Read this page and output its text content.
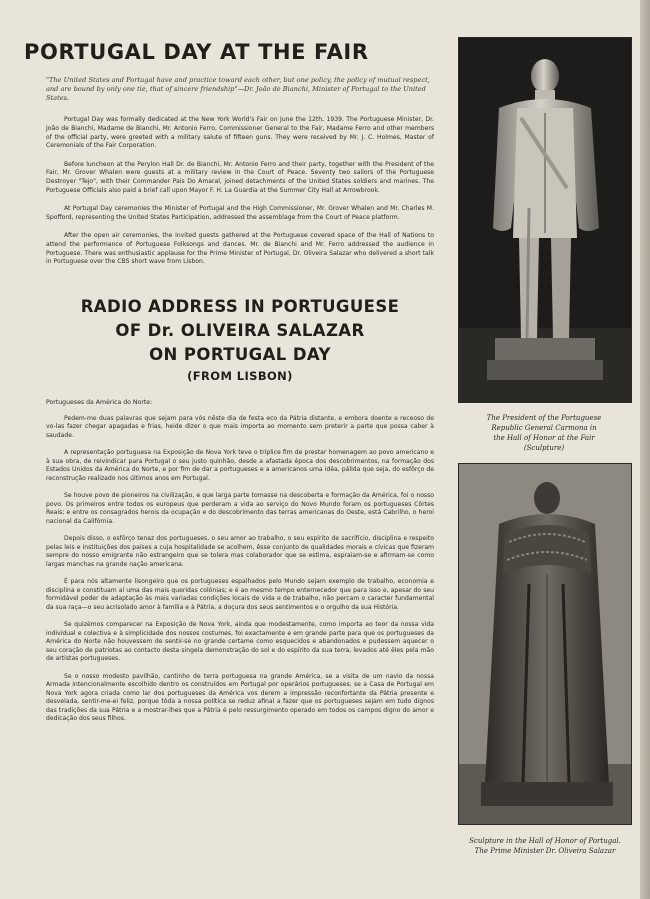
PORTUGAL DAY AT THE FAIR

"The United States and Portugal have and practice toward each other, but one policy, the policy of mutual respect, and are bound by only one tie, that of sincere friendship"—Dr. João de Bianchi, Minister of Portugal to the United States.

Portugal Day was formally dedicated at the New York World's Fair on June the 12th, 1939. The Portuguese Minister, Dr. João de Bianchi, Madame de Bianchi, Mr. Antonio Ferro, Commissioner General to the Fair, Madame Ferro and other members of the official party, were greeted with a military salute of fifteen guns. They were received by Mr. J. C. Holmes, Master of Ceremonials of the Fair Corporation.

Before luncheon at the Perylon Hall Dr. de Bianchi, Mr. Antonio Ferro and their party, together with the President of the Fair, Mr. Grover Whalen were guests at a military review in the Court of Peace. Seventy two sailors of the Portuguese Destroyer "Tejo", with their Commander Pais Do Amaral, joined detachments of the United States soldiers and marines. The Portuguese Officials also paid a brief call upon Mayor F. H. La Guardia at the Summer City Hall at Arrowbrook.

At Portugal Day ceremonies the Minister of Portugal and the High Commissioner, Mr. Grover Whalen and Mr. Charles M. Spofford, representing the United States Participation, addressed the assemblage from the Court of Peace platform.

After the open air ceremonies, the invited guests gathered at the Portuguese covered space of the Hall of Nations to attend the performance of Portuguese Folksongs and dances. Mr. de Bianchi and Mr. Ferro addressed the audience in Portuguese. There was enthusiastic applause for the Prime Minister of Portugal, Dr. Oliveira Salazar who delivered a short talk in Portuguese over the CBS short wave from Lisbon.

RADIO ADDRESS IN PORTUGUESE
OF Dr. OLIVEIRA SALAZAR
ON PORTUGAL DAY
(FROM LISBON)

Portugueses da América do Norte:

Pedem-me duas palavras que sejam para vós nêste dia de festa eco da Pátria distante, e embora doente e receoso de vo-las fazer chegar apagadas e frias, heide dizer o que mais importa ao momento sem preterir a parte que possa caber à saudade.

A representação portuguesa na Exposição de Nova York teve o tríplice fim de prestar homenagem ao povo americano e à sua obra, de reivindicar para Portugal o seu justo quinhão, desde a afastada época dos descobrimentos, na formação dos Estados Unidos da América do Norte, e por fim de dar a portugueses e a americanos uma idéa, pálida que seja, do esfôrço de reconstrução realizado nos últimos anos em Portugal.

Se houve povo de pioneiros na civilização, e que larga parte tomasse na descoberta e formação da América, foi o nosso povo. Os primeiros entre todos os europeus que perderam a vida ao serviço do Novo Mundo foram os portugueses Côrtes Reais; e entre os consagrados herois da ocupação e do descobrimento das terras americanas do Oeste, está Cabrilho, o heroi nacional da Califórnia.

Depois disso, o esfôrço tenaz dos portugueses, o seu amor ao trabalho, o seu espírito de sacrifício, disciplina e respeito pelas leis e instituições dos países a cuja hospitalidade se acolhem, êsse conjunto de qualidades morais e cívicas que fizeram sempre do nosso emigrante não estrangeiro que se tolera mas colaborador que se estima, espraiam-se e afirmam-se como largas manchas na grande nação americana.

É para nós altamente lisongeiro que os portugueses espalhados pelo Mundo sejam exemplo de trabalho, economia e disciplina e constituam aí uma das mais queridas colónias; e é ao mesmo tempo enternecedor que para isso e, apesar do seu formidável poder de adaptação às mais variadas condições locais de vida e de trabalho, não percam o caracter fundamental da sua raça—o seu acrisolado amor à família e à Pátria, a doçura dos seus sentimentos e o orgulho da sua História.

Se quizémos comparecer na Exposição de Nova York, ainda que modestamente, como importa ao teor da nossa vida individual e colectiva e à simplicidade dos nossos costumes, foi exactamente e em grande parte para que os portugueses da América do Norte não houvessem de sentir-se no grande certame como esquecidos e abandonados e pudessem aquecer o seu coração de patriotas ao contacto desta singela demonstração do sol e do espírito da sua terra, levados até êles pela mão de artistas portugueses.

Se o nosso modesto pavilhão, cantinho de terra portuguesa na grande América, se a visita de um navio da nossa Armada intencionalmente escolhido dentro os construídos em Portugal por operários portugueses, se a Casa de Portugal em Nova York agora criada como lar dos portugueses da América vos derem a impressão reconfortante da Pátria presente e desvelada, sentir-me-ei feliz, porque tôda a nossa política se reduz afinal a fazer que os portugueses sejam em tudo dignos das tradições da sua Pátria e a mostrar-lhes que a Pátria é pelo ressurgimento operado em todos os campos digno do amor e dedicação dos seus filhos.

The President of the Portuguese
Republic General Carmona in
the Hall of Honor at the Fair
(Sculpture)
Sculpture in the Hall of Honor of Portugal.
The Prime Minister Dr. Oliveira Salazar
